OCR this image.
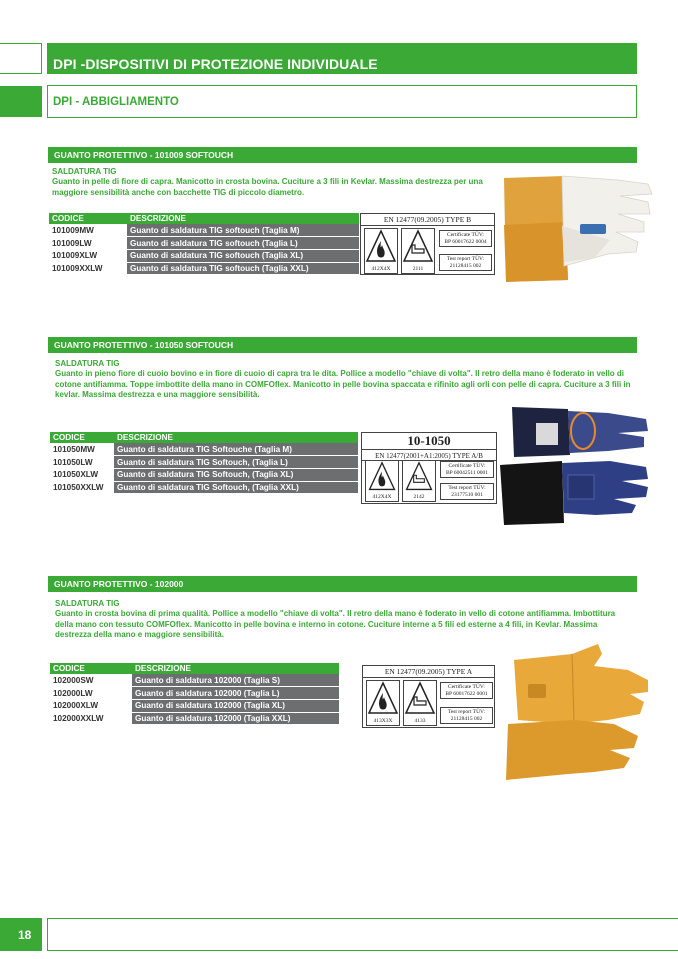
DPI -DISPOSITIVI DI PROTEZIONE INDIVIDUALE
DPI - ABBIGLIAMENTO
GUANTO PROTETTIVO - 101009 SOFTOUCH
SALDATURA TIG
Guanto in pelle di fiore di capra. Manicotto in crosta bovina. Cuciture a 3 fili in Kevlar. Massima destrezza per una maggiore sensibilità anche con bacchette TIG di piccolo diametro.
CODICE	DESCRIZIONE
101009MW	Guanto di saldatura TIG softouch (Taglia M)
101009LW	Guanto di saldatura TIG softouch (Taglia L)
101009XLW	Guanto di saldatura TIG softouch (Taglia XL)
101009XXLW	Guanto di saldatura TIG softouch (Taglia XXL)
EN 12477(09.2005) TYPE B
412X4X	2111
Certificate TÜV:
BP 60017622 0004
Test report TÜV:
21128415 002
GUANTO PROTETTIVO - 101050 SOFTOUCH
SALDATURA TIG
Guanto in pieno fiore di cuoio bovino e in fiore di cuoio di capra tra le dita. Pollice a modello "chiave di volta". Il retro della mano è foderato in vello di cotone antifiamma. Toppe imbottite della mano in COMFOflex. Manicotto in pelle bovina spaccata e rifinito agli orli con pelle di capra. Cuciture a 3 fili in kevlar. Massima destrezza e una maggiore sensibilità.
CODICE	DESCRIZIONE
101050MW	Guanto di saldatura TIG Softouche (Taglia M)
101050LW	Guanto di saldatura TIG Softouch, (Taglia L)
101050XLW	Guanto di saldatura TIG Softouch, (Taglia XL)
101050XXLW	Guanto di saldatura TIG Softouch, (Taglia XXL)
10-1050
EN 12477(2001+A1:2005) TYPE A/B
412X4X	2142
Certificate TÜV:
BP 60042511 0001
Test report TÜV:
23177510 001
GUANTO PROTETTIVO - 102000
SALDATURA TIG
Guanto in crosta bovina di prima qualità. Pollice a modello "chiave di volta". Il retro della mano è foderato in vello di cotone antifiamma. Imbottitura della mano con tessuto COMFOflex. Manicotto in pelle bovina e interno in cotone. Cuciture interne a 5 fili ed esterne a 4 fili, in Kevlar. Massima destrezza della mano e maggiore sensibilità.
CODICE	DESCRIZIONE
102000SW	Guanto di saldatura 102000 (Taglia S)
102000LW	Guanto di saldatura 102000 (Taglia L)
102000XLW	Guanto di saldatura 102000 (Taglia XL)
102000XXLW	Guanto di saldatura 102000 (Taglia XXL)
EN 12477(09.2005) TYPE A
413X3X	4133
Certificate TÜV:
BP 60017622 0001
Test report TÜV:
21128415 002
18
